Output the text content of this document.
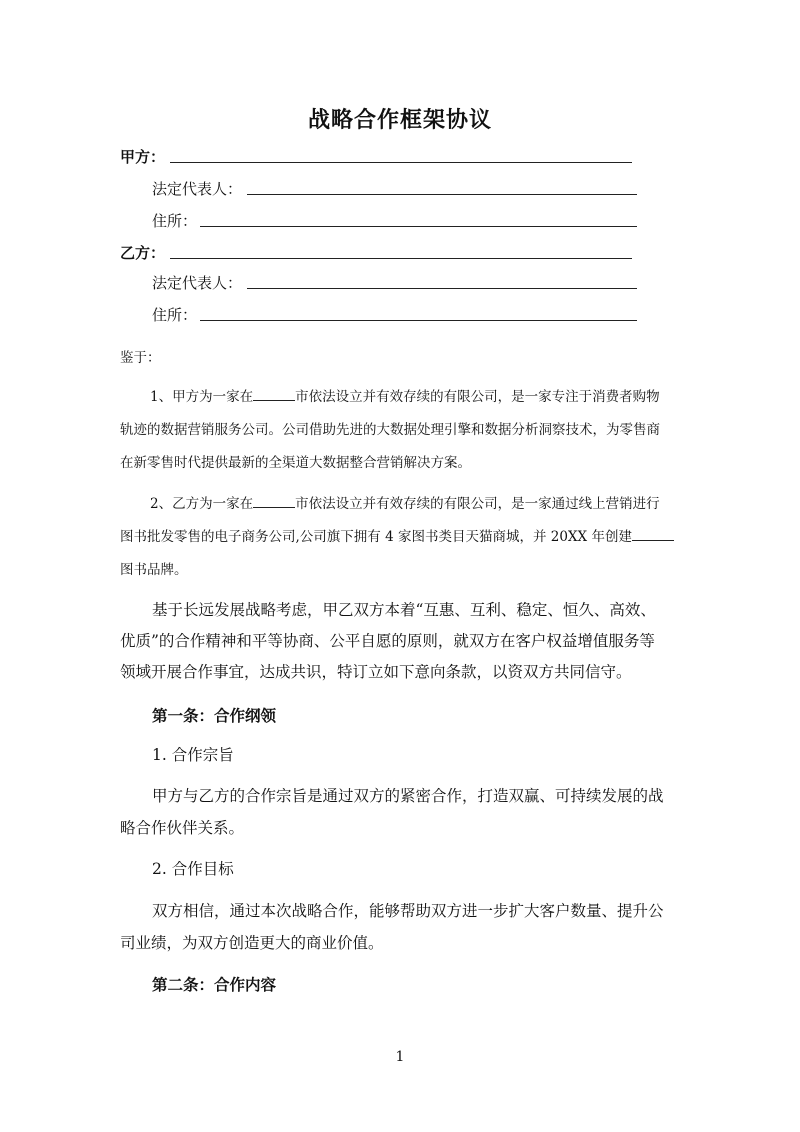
战略合作框架协议
甲方：
法定代表人：
住所：
乙方：
法定代表人：
住所：
鉴于：
1、甲方为一家在	市依法设立并有效存续的有限公司，是一家专注于消费者购物
轨迹的数据营销服务公司。公司借助先进的大数据处理引擎和数据分析洞察技术，为零售商
在新零售时代提供最新的全渠道大数据整合营销解决方案。
2、乙方为一家在	市依法设立并有效存续的有限公司，是一家通过线上营销进行
图书批发零售的电子商务公司,公司旗下拥有 4 家图书类目天猫商城，并 20XX 年创建
图书品牌。
基于长远发展战略考虑，甲乙双方本着“互惠、互利、稳定、恒久、高效、
优质”的合作精神和平等协商、公平自愿的原则，就双方在客户权益增值服务等
领域开展合作事宜，达成共识，特订立如下意向条款，以资双方共同信守。
第一条：合作纲领
1. 合作宗旨
甲方与乙方的合作宗旨是通过双方的紧密合作，打造双赢、可持续发展的战
略合作伙伴关系。
2. 合作目标
双方相信，通过本次战略合作，能够帮助双方进一步扩大客户数量、提升公
司业绩，为双方创造更大的商业价值。
第二条：合作内容
1
